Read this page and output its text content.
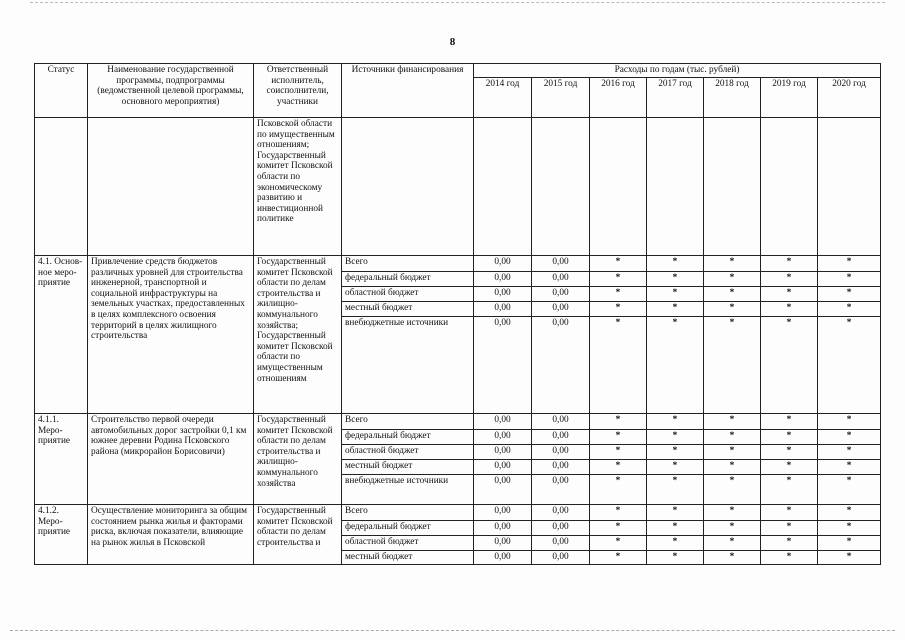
8
Статус	Наименование государственной программы, подпрограммы (ведомственной целевой программы, основного мероприятия)	Ответственный исполнитель, соисполнители, участники	Источники финансирования	Расходы по годам (тыс. рублей)						
				2014 год	2015 год	2016 год	2017 год	2018 год	2019 год	2020 год
		Псковской области по имущественным отношениям; Государственный комитет Псковской области по экономическому развитию и инвестиционной политике								
4.1. Основ-ное меро-приятие	Привлечение средств бюджетов различных уровней для строительства инженерной, транспортной и социальной инфраструктуры на земельных участках, предоставленных в целях комплексного освоения территорий в целях жилищного строительства	Государственный комитет Псковской области по делам строительства и жилищно-коммунального хозяйства; Государственный комитет Псковской области по имущественным отношениям	Всего	0,00	0,00	*	*	*	*	*
			федеральный бюджет	0,00	0,00	*	*	*	*	*
			областной бюджет	0,00	0,00	*	*	*	*	*
			местный бюджет	0,00	0,00	*	*	*	*	*
			внебюджетные источники	0,00	0,00	*	*	*	*	*
4.1.1. Меро-приятие	Строительство первой очереди автомобильных дорог застройки 0,1 км южнее деревни Родина Псковского района (микрорайон Борисовичи)	Государственный комитет Псковской области по делам строительства и жилищно-коммунального хозяйства	Всего	0,00	0,00	*	*	*	*	*
			федеральный бюджет	0,00	0,00	*	*	*	*	*
			областной бюджет	0,00	0,00	*	*	*	*	*
			местный бюджет	0,00	0,00	*	*	*	*	*
			внебюджетные источники	0,00	0,00	*	*	*	*	*
4.1.2. Меро-приятие	Осуществление мониторинга за общим состоянием рынка жилья и факторами риска, включая показатели, влияющие на рынок жилья в Псковской	Государственный комитет Псковской области по делам строительства и	Всего	0,00	0,00	*	*	*	*	*
			федеральный бюджет	0,00	0,00	*	*	*	*	*
			областной бюджет	0,00	0,00	*	*	*	*	*
			местный бюджет	0,00	0,00	*	*	*	*	*
